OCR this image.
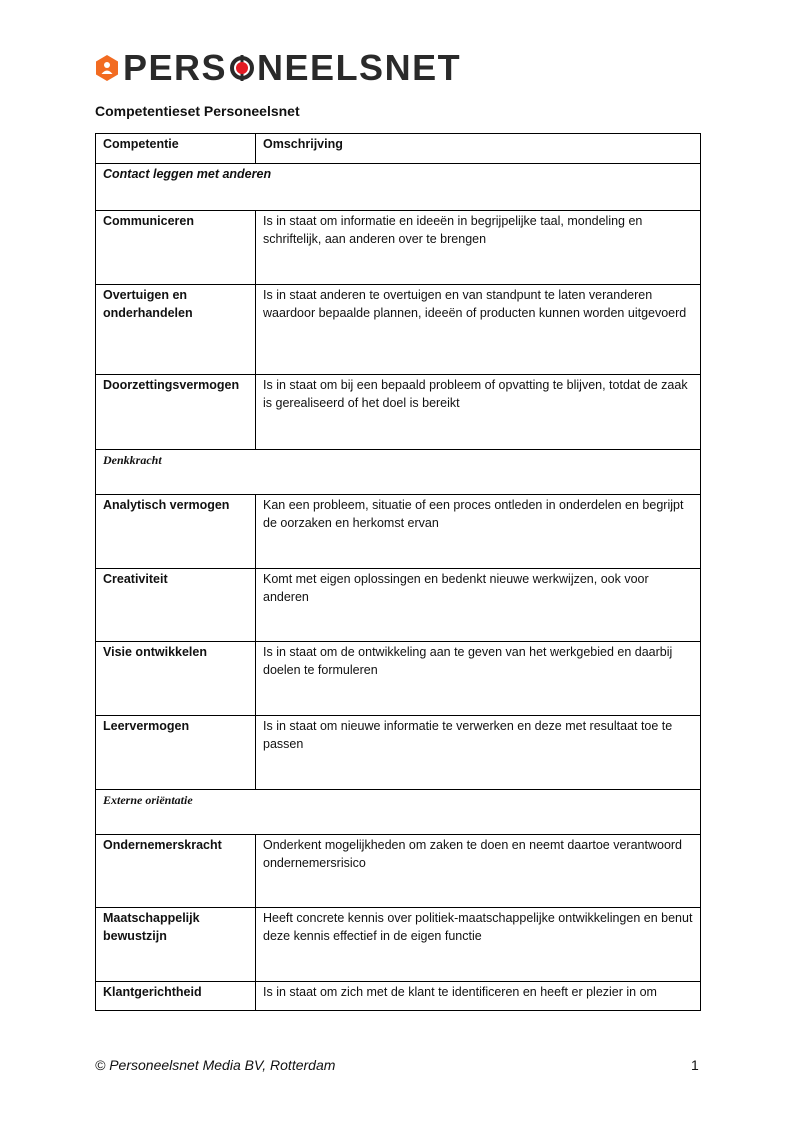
PERS NEELSNET
Competentieset Personeelsnet
Competentie	Omschrijving
Contact leggen met anderen	
Communiceren	Is in staat om informatie en ideeën in begrijpelijke taal, mondeling en schriftelijk, aan anderen over te brengen
Overtuigen en onderhandelen	Is in staat anderen te overtuigen en van standpunt te laten veranderen waardoor bepaalde plannen, ideeën of producten kunnen worden uitgevoerd
Doorzettingsvermogen	Is in staat om bij een bepaald probleem of opvatting te blijven, totdat de zaak is gerealiseerd of het doel is bereikt
Denkkracht	
Analytisch vermogen	Kan een probleem, situatie of een proces ontleden in onderdelen en begrijpt de oorzaken en herkomst ervan
Creativiteit	Komt met eigen oplossingen en bedenkt nieuwe werkwijzen, ook voor anderen
Visie ontwikkelen	Is in staat om de ontwikkeling aan te geven van het werkgebied en daarbij doelen te formuleren
Leervermogen	Is in staat om nieuwe informatie te verwerken en deze met resultaat toe te passen
Externe oriëntatie	
Ondernemerskracht	Onderkent mogelijkheden om zaken te doen en neemt daartoe verantwoord ondernemersrisico
Maatschappelijk bewustzijn	Heeft concrete kennis over politiek-maatschappelijke ontwikkelingen en benut deze kennis effectief in de eigen functie
Klantgerichtheid	Is in staat om zich met de klant te identificeren en heeft er plezier in om
© Personeelsnet Media BV, Rotterdam	1
